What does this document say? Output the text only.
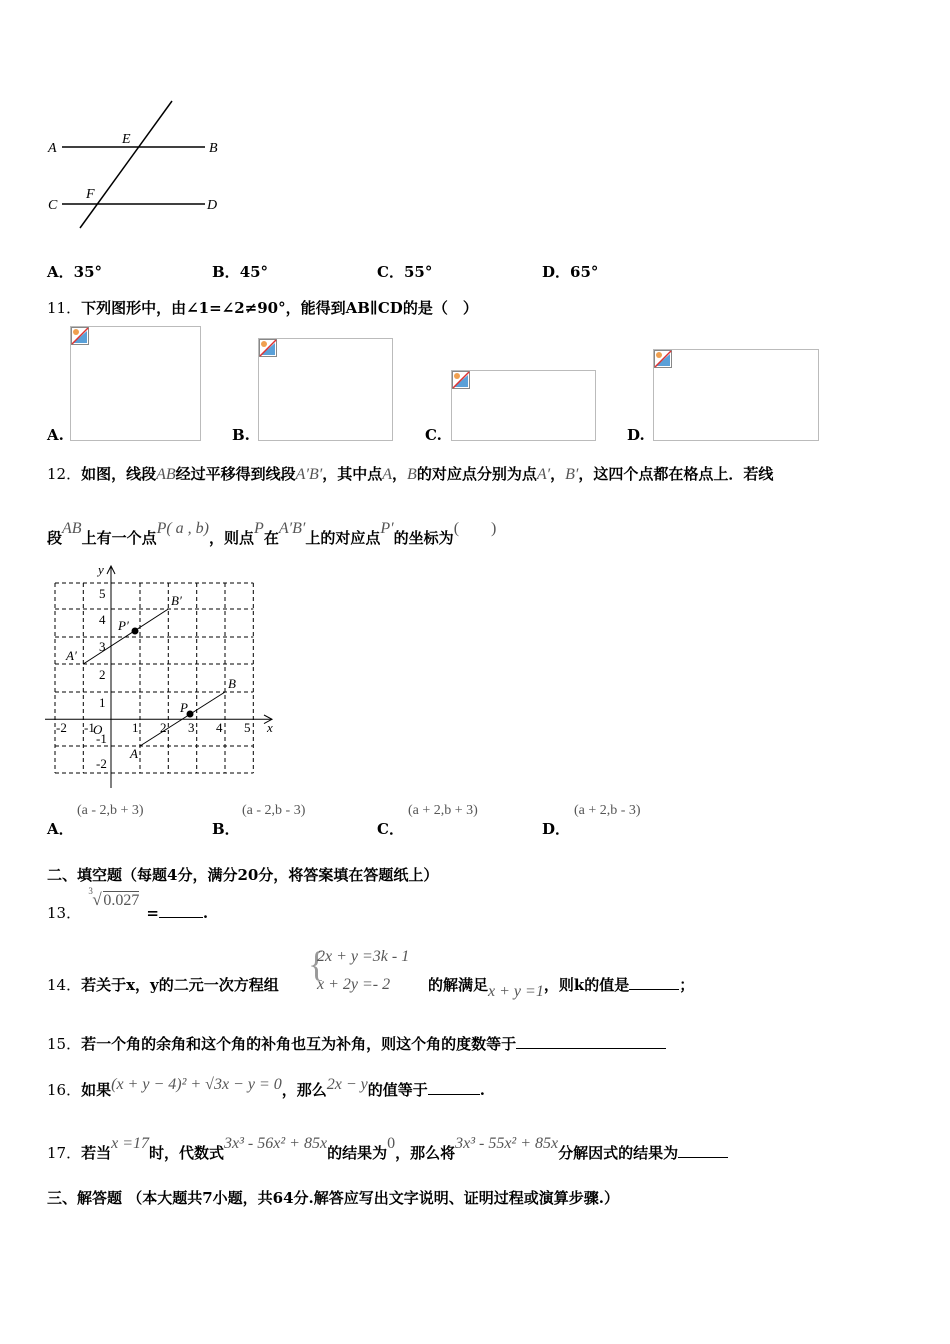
A
E
B
C
F
D
A．35°	B．45°	C．55°	D．65°
11．下列图形中，由∠1=∠2≠90°，能得到AB∥CD的是（　）
A.	B.	C.	D.
12．如图，线段AB经过平移得到线段A′B′，其中点A，B的对应点分别为点A′，B′，这四个点都在格点上．若线
段AB上有一个点P( a , b)，则点P在A′B′上的对应点P′的坐标为(　　)
x
y
O
A
B
A′
B′
P
P′
-2 -1	1 2 3 4 5
5
4
3
2
1
-1
-2
A．
(a - 2,b + 3)
B．
(a - 2,b - 3)
C．
(a + 2,b + 3)
D．
(a + 2,b - 3)
二、填空题（每题4分，满分20分，将答案填在答题纸上）
13．
3 √ 0.027
=	.
14．若关于x，y的二元一次方程组
{
2x + y =3k - 1
x + 2y =- 2	的解满足x + y =1，则k的值是	；
15．若一个角的余角和这个角的补角也互为补角，则这个角的度数等于
16．如果(x + y − 4)² + √3x − y = 0，那么2x − y的值等于	.
17．若当x =17时，代数式3x³ - 56x² + 85x的结果为0，那么将3x³ - 55x² + 85x分解因式的结果为
三、解答题 （本大题共7小题，共64分.解答应写出文字说明、证明过程或演算步骤.）
